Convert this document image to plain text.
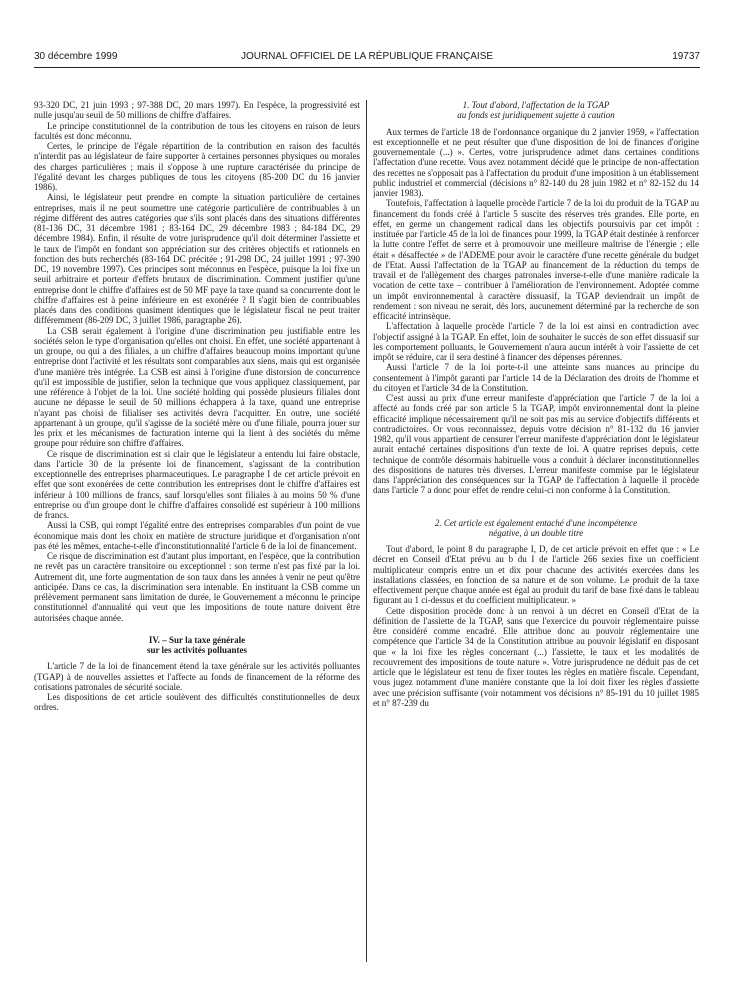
30 décembre 1999	JOURNAL OFFICIEL DE LA RÉPUBLIQUE FRANÇAISE	19737

93-320 DC, 21 juin 1993 ; 97-388 DC, 20 mars 1997). En l'espèce, la progressivité est nulle jusqu'au seuil de 50 millions de chiffre d'affaires.

Le principe constitutionnel de la contribution de tous les citoyens en raison de leurs facultés est donc méconnu.

Certes, le principe de l'égale répartition de la contribution en raison des facultés n'interdit pas au législateur de faire supporter à certaines personnes physiques ou morales des charges particulières ; mais il s'oppose à une rupture caractérisée du principe de l'égalité devant les charges publiques de tous les citoyens (85-200 DC du 16 janvier 1986).

Ainsi, le législateur peut prendre en compte la situation particulière de certaines entreprises, mais il ne peut soumettre une catégorie particulière de contribuables à un régime différent des autres catégories que s'ils sont placés dans des situations différentes (81-136 DC, 31 décembre 1981 ; 83-164 DC, 29 décembre 1983 ; 84-184 DC, 29 décembre 1984). Enfin, il résulte de votre jurisprudence qu'il doit déterminer l'assiette et le taux de l'impôt en fondant son appréciation sur des critères objectifs et rationnels en fonction des buts recherchés (83-164 DC précitée ; 91-298 DC, 24 juillet 1991 ; 97-390 DC, 19 novembre 1997). Ces principes sont méconnus en l'espèce, puisque la loi fixe un seuil arbitraire et porteur d'effets brutaux de discrimination. Comment justifier qu'une entreprise dont le chiffre d'affaires est de 50 MF paye la taxe quand sa concurrente dont le chiffre d'affaires est à peine inférieure en est exonérée ? Il s'agit bien de contribuables placés dans des conditions quasiment identiques que le législateur fiscal ne peut traiter différemment (86-209 DC, 3 juillet 1986, paragraphe 26).

La CSB serait également à l'origine d'une discrimination peu justifiable entre les sociétés selon le type d'organisation qu'elles ont choisi. En effet, une société appartenant à un groupe, ou qui a des filiales, a un chiffre d'affaires beaucoup moins important qu'une entreprise dont l'activité et les résultats sont comparables aux siens, mais qui est organisée d'une manière très intégrée. La CSB est ainsi à l'origine d'une distorsion de concurrence qu'il est impossible de justifier, selon la technique que vous appliquez classiquement, par une référence à l'objet de la loi. Une société holding qui possède plusieurs filiales dont aucune ne dépasse le seuil de 50 millions échappera à la taxe, quand une entreprise n'ayant pas choisi de filialiser ses activités devra l'acquitter. En outre, une société appartenant à un groupe, qu'il s'agisse de la société mère ou d'une filiale, pourra jouer sur les prix et les mécanismes de facturation interne qui la lient à des sociétés du même groupe pour réduire son chiffre d'affaires.

Ce risque de discrimination est si clair que le législateur a entendu lui faire obstacle, dans l'article 30 de la présente loi de financement, s'agissant de la contribution exceptionnelle des entreprises pharmaceutiques. Le paragraphe I de cet article prévoit en effet que sont exonérées de cette contribution les entreprises dont le chiffre d'affaires est inférieur à 100 millions de francs, sauf lorsqu'elles sont filiales à au moins 50 % d'une entreprise ou d'un groupe dont le chiffre d'affaires consolidé est supérieur à 100 millions de francs.

Aussi la CSB, qui rompt l'égalité entre des entreprises comparables d'un point de vue économique mais dont les choix en matière de structure juridique et d'organisation n'ont pas été les mêmes, entache-t-elle d'inconstitutionnalité l'article 6 de la loi de financement.

Ce risque de discrimination est d'autant plus important, en l'espèce, que la contribution ne revêt pas un caractère transitoire ou exceptionnel : son terme n'est pas fixé par la loi. Autrement dit, une forte augmentation de son taux dans les années à venir ne peut qu'être anticipée. Dans ce cas, la discrimination sera intenable. En instituant la CSB comme un prélèvement permanent sans limitation de durée, le Gouvernement a méconnu le principe constitutionnel d'annualité qui veut que les impositions de toute nature doivent être autorisées chaque année.

IV. – Sur la taxe générale

sur les activités polluantes

L'article 7 de la loi de financement étend la taxe générale sur les activités polluantes (TGAP) à de nouvelles assiettes et l'affecte au fonds de financement de la réforme des cotisations patronales de sécurité sociale.

Les dispositions de cet article soulèvent des difficultés constitutionnelles de deux ordres.

1. Tout d'abord, l'affectation de la TGAP

au fonds est juridiquement sujette à caution

Aux termes de l'article 18 de l'ordonnance organique du 2 janvier 1959, « l'affectation est exceptionnelle et ne peut résulter que d'une disposition de loi de finances d'origine gouvernementale (...) ». Certes, votre jurisprudence admet dans certaines conditions l'affectation d'une recette. Vous avez notamment décidé que le principe de non-affectation des recettes ne s'opposait pas à l'affectation du produit d'une imposition à un établissement public industriel et commercial (décisions n° 82-140 du 28 juin 1982 et n° 82-152 du 14 janvier 1983).

Toutefois, l'affectation à laquelle procède l'article 7 de la loi du produit de la TGAP au financement du fonds créé à l'article 5 suscite des réserves très grandes. Elle porte, en effet, en germe un changement radical dans les objectifs poursuivis par cet impôt : instituée par l'article 45 de la loi de finances pour 1999, la TGAP était destinée à renforcer la lutte contre l'effet de serre et à promouvoir une meilleure maîtrise de l'énergie ; elle était « désaffectée » de l'ADEME pour avoir le caractère d'une recette générale du budget de l'Etat. Aussi l'affectation de la TGAP au financement de la réduction du temps de travail et de l'allègement des charges patronales inverse-t-elle d'une manière radicale la vocation de cette taxe – contribuer à l'amélioration de l'environnement. Adoptée comme un impôt environnemental à caractère dissuasif, la TGAP deviendrait un impôt de rendement : son niveau ne serait, dès lors, aucunement déterminé par la recherche de son efficacité intrinsèque.

L'affectation à laquelle procède l'article 7 de la loi est ainsi en contradiction avec l'objectif assigné à la TGAP. En effet, loin de souhaiter le succès de son effet dissuasif sur les comportement polluants, le Gouvernement n'aura aucun intérêt à voir l'assiette de cet impôt se réduire, car il sera destiné à financer des dépenses pérennes.

Aussi l'article 7 de la loi porte-t-il une atteinte sans nuances au principe du consentement à l'impôt garanti par l'article 14 de la Déclaration des droits de l'homme et du citoyen et l'article 34 de la Constitution.

C'est aussi au prix d'une erreur manifeste d'appréciation que l'article 7 de la loi a affecté au fonds créé par son article 5 la TGAP, impôt environnemental dont la pleine efficacité implique nécessairement qu'il ne soit pas mis au service d'objectifs différents et contradictoires. Or vous reconnaissez, depuis votre décision n° 81-132 du 16 janvier 1982, qu'il vous appartient de censurer l'erreur manifeste d'appréciation dont le législateur aurait entaché certaines dispositions d'un texte de loi. A quatre reprises depuis, cette technique de contrôle désormais habituelle vous a conduit à déclarer inconstitutionnelles des dispositions de natures très diverses. L'erreur manifeste commise par le législateur dans l'appréciation des conséquences sur la TGAP de l'affectation à laquelle il procède dans l'article 7 a donc pour effet de rendre celui-ci non conforme à la Constitution.

2. Cet article est également entaché d'une incompétence

négative, à un double titre

Tout d'abord, le point 8 du paragraphe I, D, de cet article prévoit en effet que : « Le décret en Conseil d'Etat prévu au b du I de l'article 266 sexies fixe un coefficient multiplicateur compris entre un et dix pour chacune des activités exercées dans les installations classées, en fonction de sa nature et de son volume. Le produit de la taxe effectivement perçue chaque année est égal au produit du tarif de base fixé dans le tableau figurant au 1 ci-dessus et du coefficient multiplicateur. »

Cette disposition procède donc à un renvoi à un décret en Conseil d'Etat de la définition de l'assiette de la TGAP, sans que l'exercice du pouvoir réglementaire puisse être considéré comme encadré. Elle attribue donc au pouvoir réglementaire une compétence que l'article 34 de la Constitution attribue au pouvoir législatif en disposant que « la loi fixe les règles concernant (...) l'assiette, le taux et les modalités de recouvrement des impositions de toute nature ». Votre jurisprudence ne déduit pas de cet article que le législateur est tenu de fixer toutes les règles en matière fiscale. Cependant, vous jugez notamment d'une manière constante que la loi doit fixer les règles d'assiette avec une précision suffisante (voir notamment vos décisions n° 85-191 du 10 juillet 1985 et n° 87-239 du
